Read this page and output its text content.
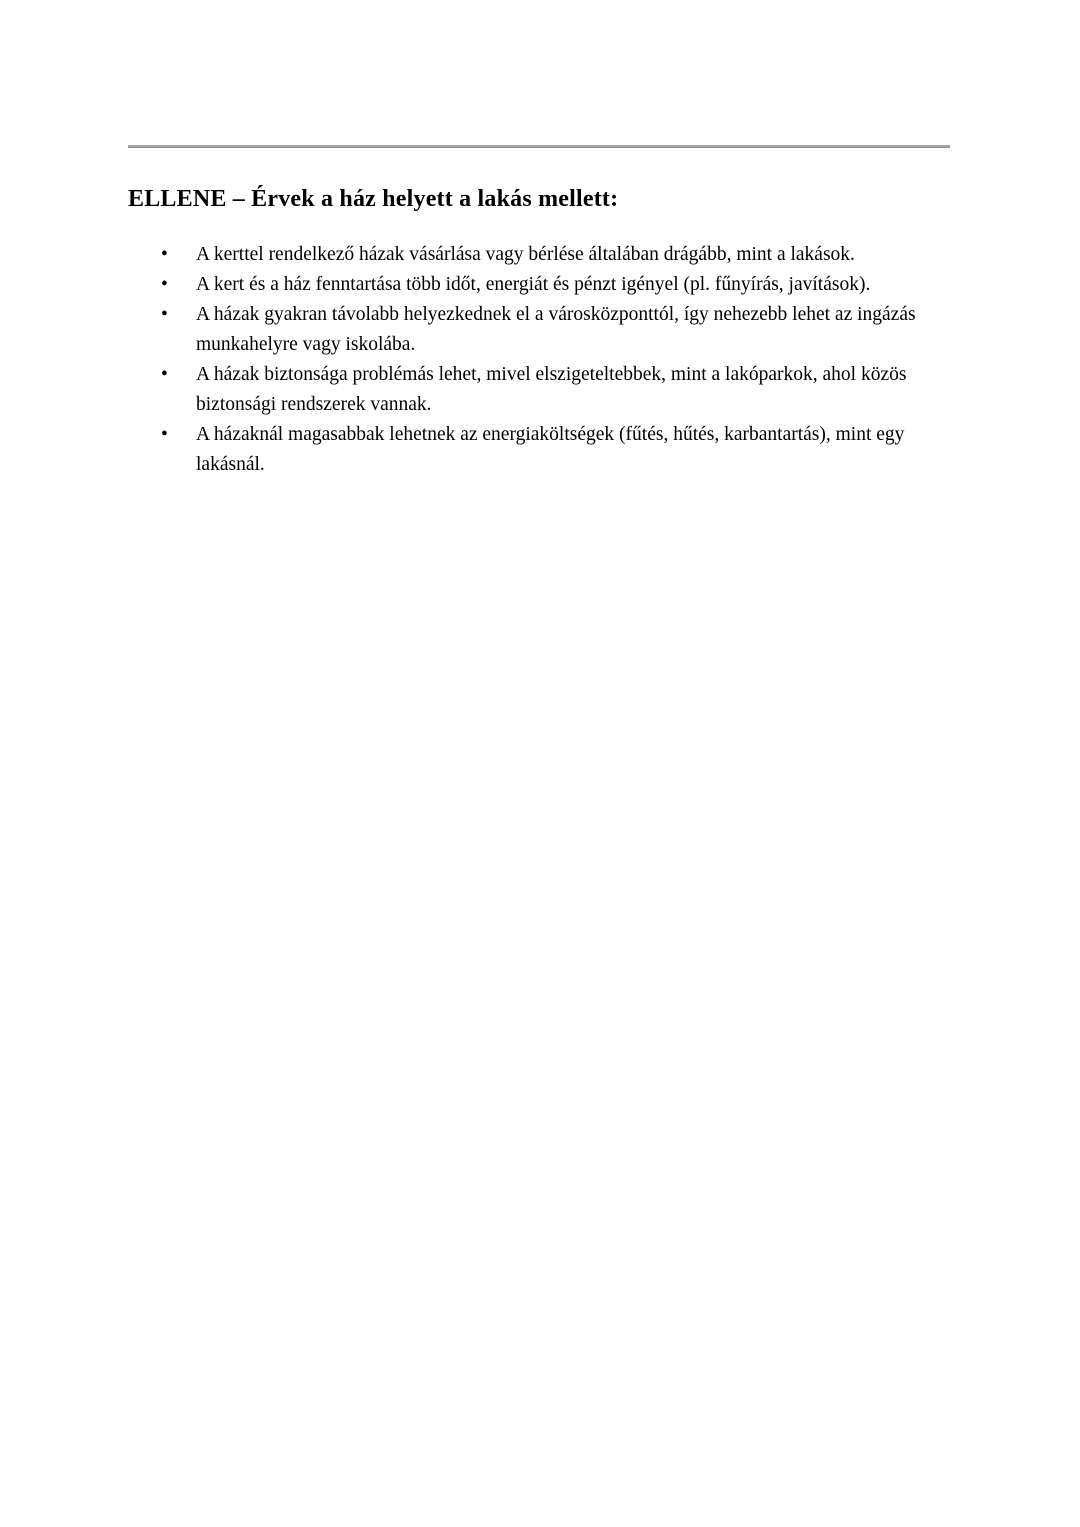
ELLENE – Érvek a ház helyett a lakás mellett:
• A kerttel rendelkező házak vásárlása vagy bérlése általában drágább, mint a lakások.
• A kert és a ház fenntartása több időt, energiát és pénzt igényel (pl. fűnyírás, javítások).
• A házak gyakran távolabb helyezkednek el a városközponttól, így nehezebb lehet az ingázás munkahelyre vagy iskolába.
• A házak biztonsága problémás lehet, mivel elszigeteltebbek, mint a lakóparkok, ahol közös biztonsági rendszerek vannak.
• A házaknál magasabbak lehetnek az energiaköltségek (fűtés, hűtés, karbantartás), mint egy lakásnál.
